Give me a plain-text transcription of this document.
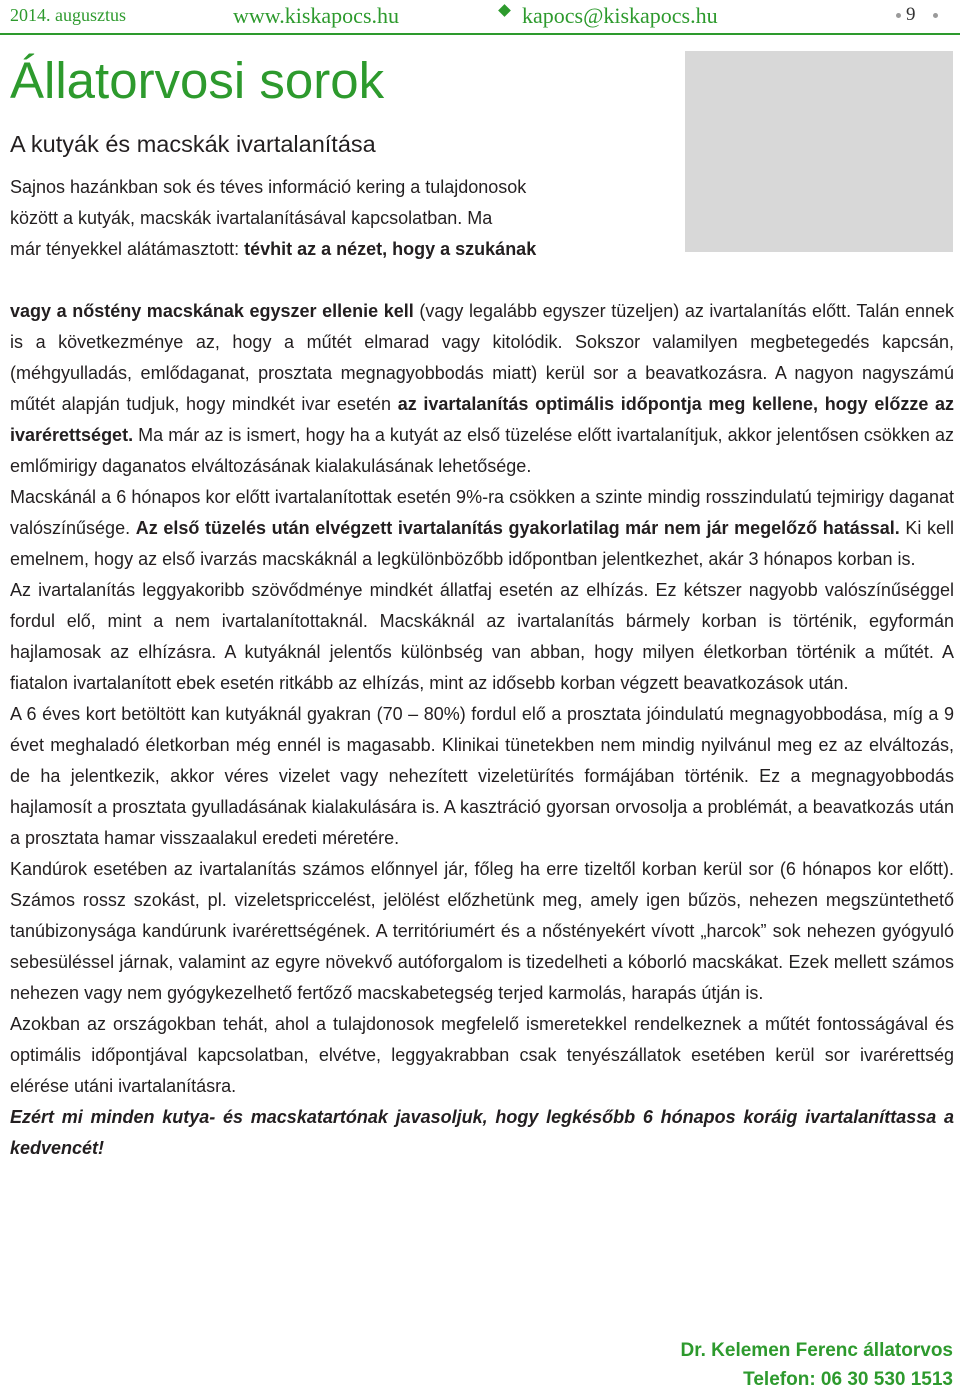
2014. augusztus	www.kiskapocs.hu	kapocs@kiskapocs.hu	9
Állatorvosi sorok
A kutyák és macskák ivartalanítása
Sajnos hazánkban sok és téves információ kering a tulajdonosok
között a kutyák, macskák ivartalanításával kapcsolatban. Ma
már tényekkel alátámasztott: tévhit az a nézet, hogy a szukának

vagy a nőstény macskának egyszer ellenie kell (vagy legalább egyszer tüzeljen) az ivartalanítás előtt. Talán ennek is a következménye az, hogy a műtét elmarad vagy kitolódik. Sokszor valamilyen megbetegedés kapcsán, (méhgyulladás, emlődaganat, prosztata megnagyobbodás miatt) kerül sor a beavatkozásra. A nagyon nagyszámú műtét alapján tudjuk, hogy mindkét ivar esetén az ivartalanítás optimális időpontja meg kellene, hogy előzze az ivarérettséget. Ma már az is ismert, hogy ha a kutyát az első tüzelése előtt ivartalanítjuk, akkor jelentősen csökken az emlőmirigy daganatos elváltozásának kialakulásának lehetősége.

Macskánál a 6 hónapos kor előtt ivartalanítottak esetén 9%-ra csökken a szinte mindig rosszindulatú tejmirigy daganat valószínűsége. Az első tüzelés után elvégzett ivartalanítás gyakorlatilag már nem jár megelőző hatással. Ki kell emelnem, hogy az első ivarzás macskáknál a legkülönbözőbb időpontban jelentkezhet, akár 3 hónapos korban is.

Az ivartalanítás leggyakoribb szövődménye mindkét állatfaj esetén az elhízás. Ez kétszer nagyobb valószínűséggel fordul elő, mint a nem ivartalanítottaknál. Macskáknál az ivartalanítás bármely korban is történik, egyformán hajlamosak az elhízásra. A kutyáknál jelentős különbség van abban, hogy milyen életkorban történik a műtét. A fiatalon ivartalanított ebek esetén ritkább az elhízás, mint az idősebb korban végzett beavatkozások után.

A 6 éves kort betöltött kan kutyáknál gyakran (70 – 80%) fordul elő a prosztata jóindulatú megnagyobbodása, míg a 9 évet meghaladó életkorban még ennél is magasabb. Klinikai tünetekben nem mindig nyilvánul meg ez az elváltozás, de ha jelentkezik, akkor véres vizelet vagy nehezített vizeletürítés formájában történik. Ez a megnagyobbodás hajlamosít a prosztata gyulladásának kialakulására is. A kasztráció gyorsan orvosolja a problémát, a beavatkozás után a prosztata hamar visszaalakul eredeti méretére.

Kandúrok esetében az ivartalanítás számos előnnyel jár, főleg ha erre tizeltől korban kerül sor (6 hónapos kor előtt). Számos rossz szokást, pl. vizeletspriccelést, jelölést előzhetünk meg, amely igen bűzös, nehezen megszüntethető tanúbizonysága kandúrunk ivarérettségének. A territóriumért és a nőstényekért vívott „harcok” sok nehezen gyógyuló sebesüléssel járnak, valamint az egyre növekvő autóforgalom is tizedelheti a kóborló macskákat. Ezek mellett számos nehezen vagy nem gyógykezelhető fertőző macskabetegség terjed karmolás, harapás útján is.

Azokban az országokban tehát, ahol a tulajdonosok megfelelő ismeretekkel rendelkeznek a műtét fontosságával és optimális időpontjával kapcsolatban, elvétve, leggyakrabban csak tenyészállatok esetében kerül sor ivarérettség elérése utáni ivartalanításra.

Ezért mi minden kutya- és macskatartónak javasoljuk, hogy legkésőbb 6 hónapos koráig ivartalaníttassa a kedvencét!

Dr. Kelemen Ferenc állatorvos
Telefon: 06 30 530 1513
